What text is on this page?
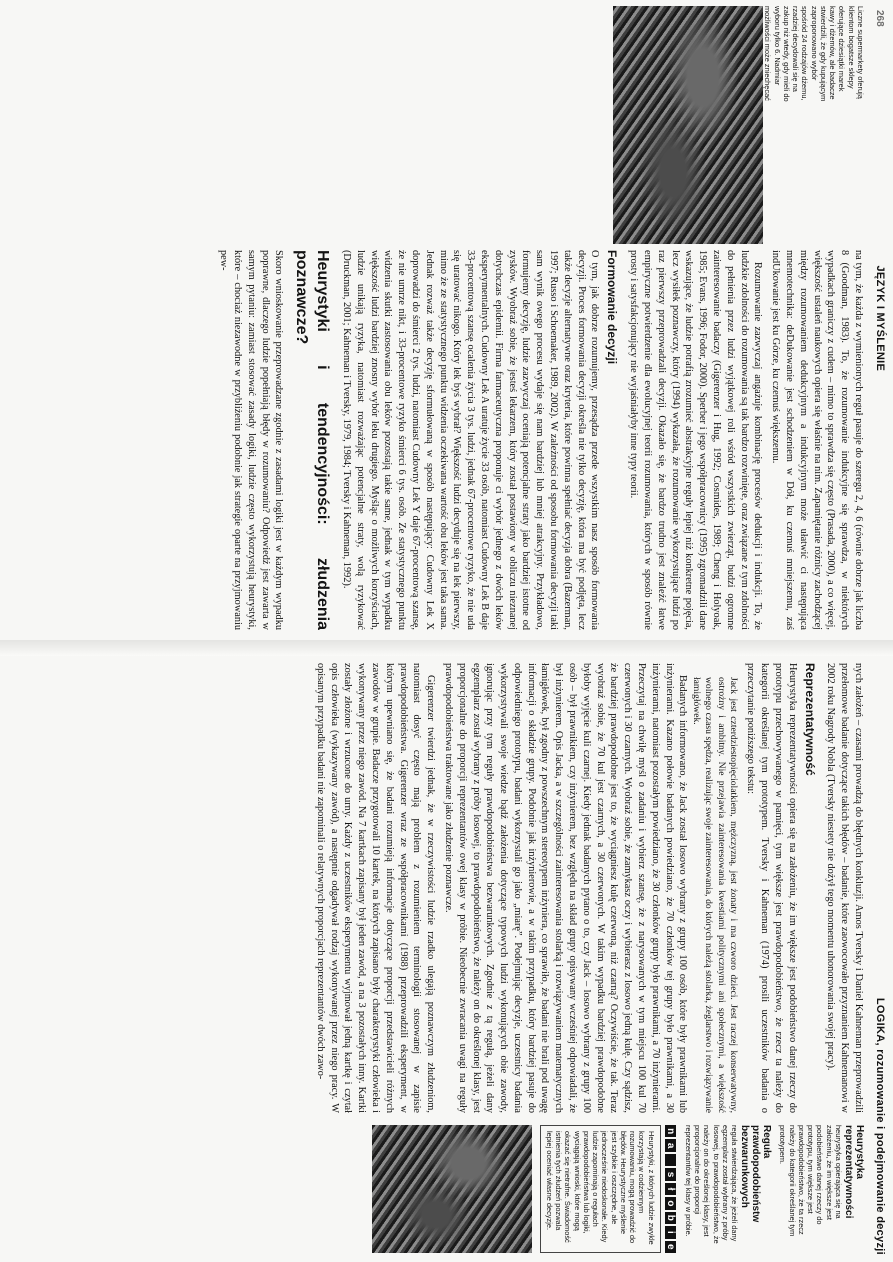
268
JĘZYK I MYŚLENIE
Liczne supermarkety oferują klientom bogatsze sklepy oferujące dziesiątki marek kawy i dżemów, ale badacze stwierdzili, że gdy kupującym zaproponowano wybór spośród 24 rodzajów dżemu, rzadziej decydowali się na zakup niż wtedy, gdy mieli do wyboru tylko 6. Nadmiar możliwości może zniechęcać

na tym, że każda z wymienionych reguł pasuje do szeregu 2, 4, 6 (równie dobrze jak liczba 8 (Goodman, 1983). To, że rozumowanie indukcyjne się sprawdza, w niektórych wypadkach graniczy z cudem – mimo to sprawdza się często (Prasada, 2000), a co więcej, większość ustaleń naukowych opiera się właśnie na nim. Zapamiętanie różnicy zachodzącej między rozumowaniem dedukcyjnym a indukcyjnym może ułatwić ci następująca mnemotechnika: deDukowanie jest schodzeniem w Dół, ku czemuś mniejszemu, zaś indUkowanie jest ku Górze, ku czemuś większemu.

Rozumowanie zazwyczaj angażuje kombinację procesów dedukcji i indukcji. To, że ludzkie zdolności do rozumowania są tak bardzo rozwinięte, oraz związane z tym zdolności do pełnienia przez ludzi wyjątkowej roli wśród wszystkich zwierząt, budzi ogromne zainteresowanie badaczy (Gigerenzer i Hug, 1992; Cosmides, 1989; Cheng i Holyoak, 1985; Evans, 1996; Fodor, 2000). Sperber i jego współpracownicy (1995) zgromadzili dane wskazujące, że ludzie potrafią zrozumieć abstrakcyjne reguły lepiej niż konkretne pojęcia, lecz wysiłek poznawczy, który (1994) wykazała, że rozumowanie wykorzystujące ludzi po raz pierwszy przeprowadzali decyzji. Okazało się, że bardzo trudno jest znaleźć łatwe empiryczne potwierdzenie dla ewolucyjnej teorii rozumowania, których w sposób równie prosty i satysfakcjonujący nie wyjaśniałyby inne typy teorii.

Formowanie decyzji

O tym, jak dobrze rozumujemy, przesądza przede wszystkim nasz sposób formowania decyzji. Proces formowania decyzji określa nie tylko decyzję, która ma być podjęta, lecz także decyzje alternatywne oraz kryteria, które powinna spełniać decyzja dobra (Bazerman, 1997; Russo i Schoemaker, 1989, 2002). W zależności od sposobu formowania decyzji taki sam wynik owego procesu wydaje się nam bardziej lub mniej atrakcyjny. Przykładowo, formujemy decyzję, ludzie zazwyczaj oceniają potencjalne straty jako bardziej istotne od zysków. Wyobraź sobie, że jesteś lekarzem, który został postawiony w obliczu nieznanej dotychczas epidemii. Firma farmaceutyczna proponuje ci wybór jednego z dwóch leków eksperymentalnych. Cudowny Lek A uratuje życie 33 osób, natomiast Cudowny Lek B daje 33-procentową szansę ocalenia życia 3 tys. ludzi, jednak 67-procentowe ryzyko, że nie uda się uratować nikogo. Który lek byś wybrał? Większość ludzi decyduje się na lek pierwszy, mimo że ze statystycznego punktu widzenia oczekiwana wartość obu leków jest taka sama. Jednak rozważ także decyzję sformułowaną w sposób następujący: Cudowny Lek X doprowadzi do śmierci 2 tys. ludzi, natomiast Cudowny Lek Y daje 67-procentową szansę, że nie umrze nikt, i 33-procentowe ryzyko śmierci 6 tys. osób. Ze statystycznego punktu widzenia skutki zastosowania obu leków pozostają takie same, jednak w tym wypadku większość ludzi bardziej znosny wybór leku drugiego. Myśląc o możliwych korzyściach, ludzie unikają ryzyka, natomiast rozważając potencjalne straty, wolą ryzykować (Druckman, 2001; Kahneman i Tversky, 1979, 1984; Tversky i Kahneman, 1992).

Heurystyki i tendencyjności: złudzenia poznawcze?

Skoro wnioskowanie przeprowadzane zgodnie z zasadami logiki jest w każdym wypadku poprawne, dlaczego ludzie popełniają błędy w rozumowaniu? Odpowiedź jest zawarta w samym pytaniu: zamiast stosować zasady logiki, ludzie często wykorzystują heurystyki, które – chociaż niezawodne w przybliżeniu podobnie jak strategie oparte na przyjmowaniu pew-

LOGIKA, rozumowanie i podejmowanie decyzji

nych założeń – czasami prowadzą do błędnych konkluzji. Amos Tversky i Daniel Kahneman przeprowadzili przełomowe badanie dotyczące takich błędów – badanie, które zaowocowało przyznaniem Kahnemanowi w 2002 roku Nagrody Nobla (Tversky niestety nie dożył tego momentu uhonorowania swojej pracy).

Reprezentatywność

Heurystyka reprezentatywności opiera się na założeniu, że im większe jest podobieństwo danej rzeczy do prototypu przechowywanego w pamięci, tym większe jest prawdopodobieństwo, że rzecz ta należy do kategorii określanej tym prototypem. Tversky i Kahneman (1974) prosili uczestników badania o przeczytanie poniższego tekstu:

Jack jest czterdziestopięciolatkiem, mężczyzną, jest żonaty i ma czworo dzieci. Jest raczej konserwatywny, ostrożny i ambitny. Nie przejawia zainteresowania kwestiami politycznymi ani społecznymi, a większość wolnego czasu spędza, realizując swoje zainteresowania, do których należą stolarka, żeglarstwo i rozwiązywanie łamigłówek.

Badanych informowano, że Jack został losowo wybrany z grupy 100 osób, które były prawnikami lub inżynierami. Kazano połowie badanych powiedziano, że 70 członków tej grupy było prawnikami, a 30 inżynierami, natomiast pozostałym powiedziano, że 30 członków grupy było prawnikami, a 70 inżynierami. Przeczytaj na chwilę myśl o zadaniu i wybierz szansę, że z narysowanych w tym miejscu 100 kul 70 czerwonych i 30 czarnych. Wyobraź sobie, że zamykasz oczy i wybierasz z losowo jedną kulę. Czy sądzisz, że bardziej prawdopodobne jest to, że wyciągniesz kulę czerwoną, niż czarną? Oczywiście, że tak. Teraz wyobraź sobie, że 70 kul jest czarnych, a 30 czerwonych. W takim wypadku bardziej prawdopodobne byłoby wyjęcie kuli czarnej. Kiedy jednak badanych pytano o to, czy Jack – losowo wybrany z grupy 100 osób – był prawnikiem, czy inżynierem, bez względu na skład grupy opisywany wcześniej odpowiadali, że był inżynierem. Opis Jacka, a w szczególności zainteresowania stolarką i rozwiązywaniem matematycznych łamigłówek, był zgodny z powszechnym stereotypem inżyniera, co sprawiło, że badani nie brali pod uwagę informacji o składzie grupy. Podobnie jak inżynierowie, a w takim przypadku, który bardziej pasuje do odpowiedniego prototypu, badani wykorzystali go jako „miarę”. Podejmując decyzje, uczestnicy badania wykorzystywali swoje wiedze bądź założenia dotyczące typowych ludzi wykonujących obie zawody, ignorując przy tym reguły prawdopodobieństwa bezwarunkowych. Zgodnie z tą regułą, jeżeli dany egzemplarz został wybrany z próby losowej, to prawdopodobieństwo, że należy on do określonej klasy, jest proporcjonalne do proporcji reprezentantów owej klasy w próbie. Nieobecnie zwracania uwagi na reguły prawdopodobieństwa traktowane jako złudzenie poznawcze.

Gigerenzer twierdzi jednak, że w rzeczywistości ludzie rzadko ulegają poznawczym złudzeniom, natomiast dosyć często mają problem z rozumieniem terminologii stosowanej w zapisie prawdopodobieństwa. Gigerenzer wraz ze współpracownikami (1988) przeprowadzili eksperyment, w którym upewniano się, że badani rozumieją informacje dotyczące proporcji przedstawicieli różnych zawodów w grupie. Badacze przygotowali 10 kartek, na których zapisano były charakterystyki człowieka i wykonywany przez niego zawód. Na 7 kartkach zapisany był jeden zawód, a na 3 pozostałych inny. Kartki zostały złożone i wrzucone do urny. Każdy z uczestników eksperymentu wyjmował jedną kartkę i czytał opis człowieka (wykazywany zawód), a następnie odgadywał rodzaj wykonywanej przez niego pracy. W opisanym przypadku badani nie zapominali o relatywnych proporcjach reprezentantów dwóch zawo-

Heurystyka reprezentatywności
heurystyka opierająca się na założeniu, że im większe jest podobieństwo danej rzeczy do prototypu, tym większe jest prawdopodobieństwo, że ta rzecz należy do kategorii określanej tym prototypem.
Reguła prawdopodobieństw bezwarunkowych
reguła stwierdzająca, że jeżeli dany egzemplarz został wybrany z próby losowej, to prawdopodobieństwo, że należy on do określonej klasy, jest proporcjonalne do proporcji reprezentantów tej klasy w próbie.
n
a
s
ł
o
b
i
e
Heurystyki, z których ludzie zwykle korzystają w codziennym rozumowaniu, mogą prowadzić do błędów. Heurystyczne myślenie jest szybkie i oszczędne, ale jednocześnie niedoskonałe. Kiedy ludzie zapominają o regułach prawdopodobieństwa lub logiki, wyciągają wnioski, które mogą okazać się nietrafne. Świadomość istnienia tych złudzeń pozwala lepiej oceniać własne decyzje.
